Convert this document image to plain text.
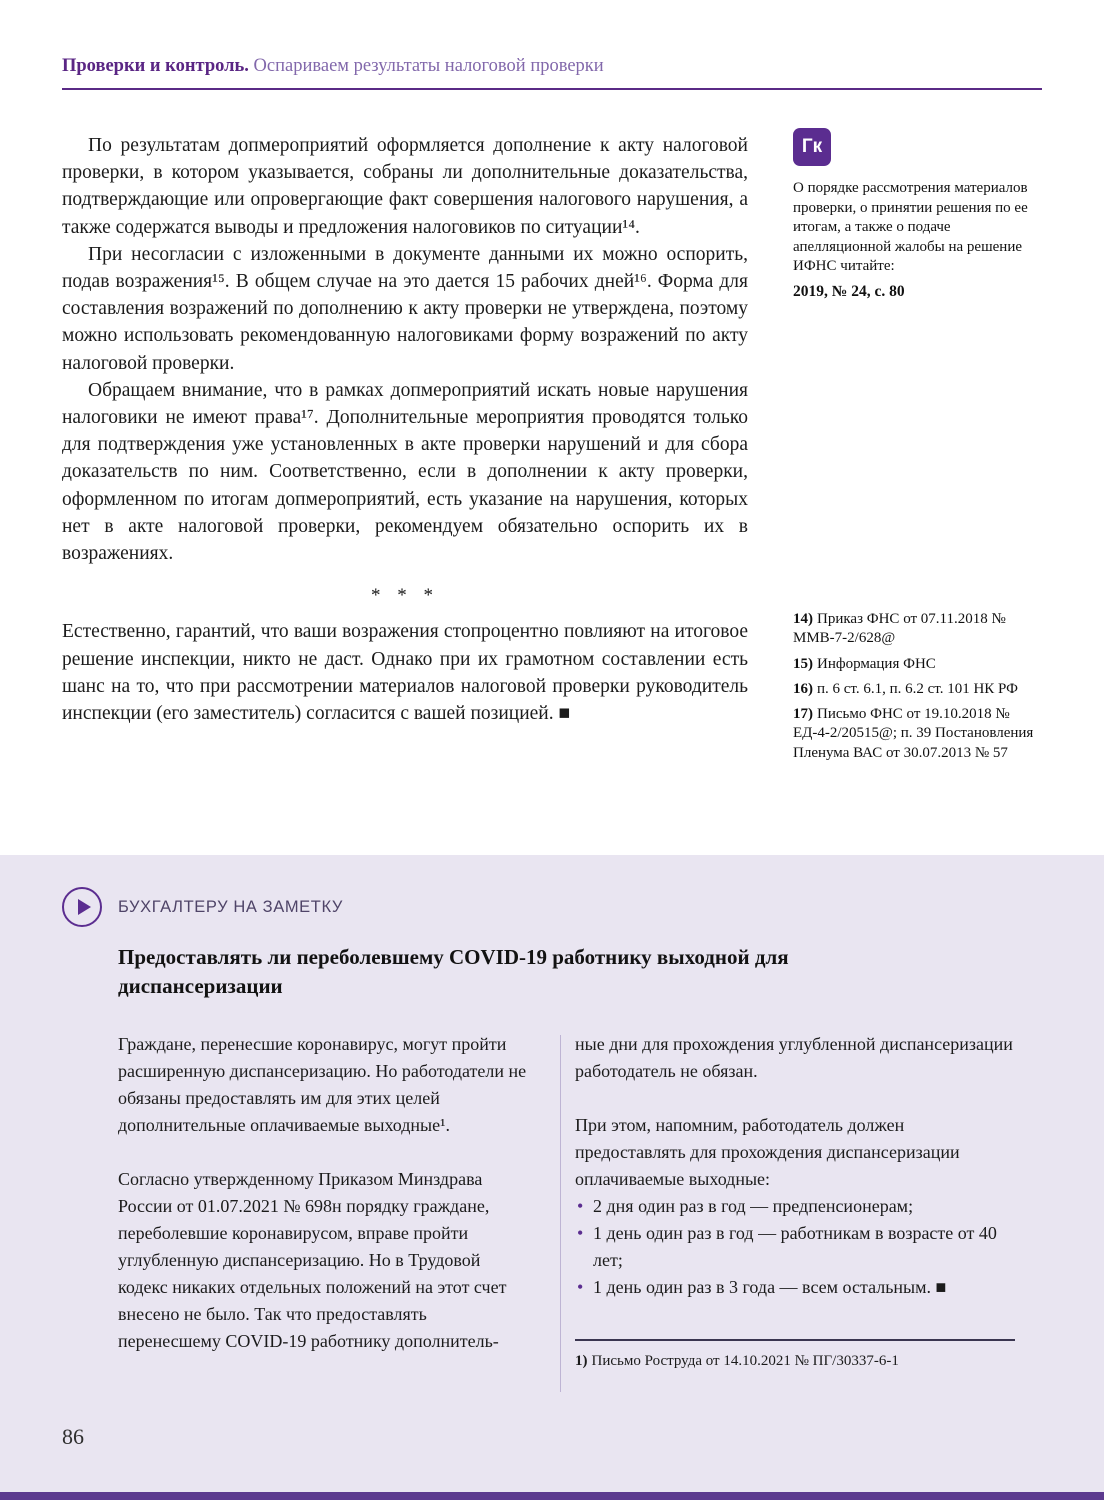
Проверки и контроль. Оспариваем результаты налоговой проверки

По результатам допмероприятий оформляется дополнение к акту налоговой проверки, в котором указывается, собраны ли дополнительные доказательства, подтверждающие или опровергающие факт совершения налогового нарушения, а также содержатся выводы и предложения налоговиков по ситуации¹⁴.

При несогласии с изложенными в документе данными их можно оспорить, подав возражения¹⁵. В общем случае на это дается 15 рабочих дней¹⁶. Форма для составления возражений по дополнению к акту проверки не утверждена, поэтому можно использовать рекомендованную налоговиками форму возражений по акту налоговой проверки.

Обращаем внимание, что в рамках допмероприятий искать новые нарушения налоговики не имеют права¹⁷. Дополнительные мероприятия проводятся только для подтверждения уже установленных в акте проверки нарушений и для сбора доказательств по ним. Соответственно, если в дополнении к акту проверки, оформленном по итогам допмероприятий, есть указание на нарушения, которых нет в акте налоговой проверки, рекомендуем обязательно оспорить их в возражениях.

* * *

Естественно, гарантий, что ваши возражения стопроцентно повлияют на итоговое решение инспекции, никто не даст. Однако при их грамотном составлении есть шанс на то, что при рассмотрении материалов налоговой проверки руководитель инспекции (его заместитель) согласится с вашей позицией. ■

Гк
О порядке рассмотрения материалов проверки, о принятии решения по ее итогам, а также о подаче апелляционной жалобы на решение ИФНС читайте:
2019, № 24, с. 80
14) Приказ ФНС от 07.11.2018 № ММВ-7-2/628@
15) Информация ФНС
16) п. 6 ст. 6.1, п. 6.2 ст. 101 НК РФ
17) Письмо ФНС от 19.10.2018 № ЕД-4-2/20515@; п. 39 Постановления Пленума ВАС от 30.07.2013 № 57
БУХГАЛТЕРУ НА ЗАМЕТКУ
Предоставлять ли переболевшему COVID-19 работнику выходной для диспансеризации

Граждане, перенесшие коронавирус, могут пройти расширенную диспансеризацию. Но работодатели не обязаны предоставлять им для этих целей дополнительные оплачиваемые выходные¹.

Согласно утвержденному Приказом Минздрава России от 01.07.2021 № 698н порядку граждане, переболевшие коронавирусом, вправе пройти углубленную диспансеризацию. Но в Трудовой кодекс никаких отдельных положений на этот счет внесено не было. Так что предоставлять перенесшему COVID-19 работнику дополнитель-

ные дни для прохождения углубленной диспансеризации работодатель не обязан.

При этом, напомним, работодатель должен предоставлять для прохождения диспансеризации оплачиваемые выходные:

• 2 дня один раз в год — предпенсионерам;
• 1 день один раз в год — работникам в возрасте от 40 лет;
• 1 день один раз в 3 года — всем остальным. ■
1) Письмо Роструда от 14.10.2021 № ПГ/30337-6-1
86
